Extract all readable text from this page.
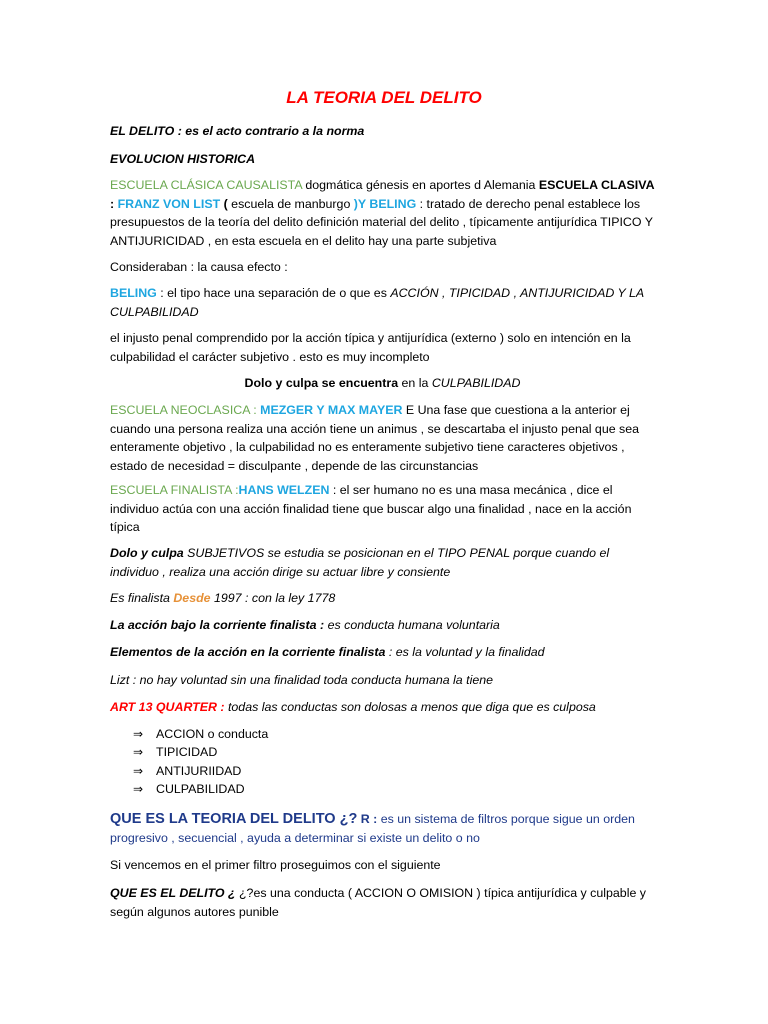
LA TEORIA DEL DELITO

EL DELITO : es el acto contrario a la norma

EVOLUCION HISTORICA

ESCUELA CLÁSICA CAUSALISTA dogmática génesis en aportes d Alemania ESCUELA CLASIVA : FRANZ VON LIST ( escuela de manburgo )Y BELING : tratado de derecho penal establece los presupuestos de la teoría del delito definición material del delito , típicamente antijurídica TIPICO Y ANTIJURICIDAD , en esta escuela en el delito hay una parte subjetiva

Consideraban : la causa efecto :

BELING : el tipo hace una separación de o que es ACCIÓN , TIPICIDAD , ANTIJURICIDAD Y LA CULPABILIDAD

el injusto penal comprendido por la acción típica y antijurídica (externo ) solo en intención en la culpabilidad el carácter subjetivo . esto es muy incompleto

Dolo y culpa se encuentra en la CULPABILIDAD

ESCUELA NEOCLASICA : MEZGER Y MAX MAYER E Una fase que cuestiona a la anterior ej cuando una persona realiza una acción tiene un animus , se descartaba el injusto penal que sea enteramente objetivo , la culpabilidad no es enteramente subjetivo tiene caracteres objetivos , estado de necesidad = disculpante , depende de las circunstancias

ESCUELA FINALISTA :HANS WELZEN : el ser humano no es una masa mecánica , dice el individuo actúa con una acción finalidad tiene que buscar algo una finalidad , nace en la acción típica

Dolo y culpa SUBJETIVOS se estudia se posicionan en el TIPO PENAL porque cuando el individuo , realiza una acción dirige su actuar libre y consiente

Es finalista Desde 1997 : con la ley 1778

La acción bajo la corriente finalista : es conducta humana voluntaria

Elementos de la acción en la corriente finalista : es la voluntad y la finalidad

Lizt : no hay voluntad sin una finalidad toda conducta humana la tiene

ART 13 QUARTER : todas las conductas son dolosas a menos que diga que es culposa

⇒ ACCION o conducta
⇒ TIPICIDAD
⇒ ANTIJURIIDAD
⇒ CULPABILIDAD

QUE ES LA TEORIA DEL DELITO ¿? R : es un sistema de filtros porque sigue un orden progresivo , secuencial , ayuda a determinar si existe un delito o no

Si vencemos en el primer filtro proseguimos con el siguiente

QUE ES EL DELITO ¿ ¿?es una conducta ( ACCION O OMISION ) típica antijurídica y culpable y según algunos autores punible
